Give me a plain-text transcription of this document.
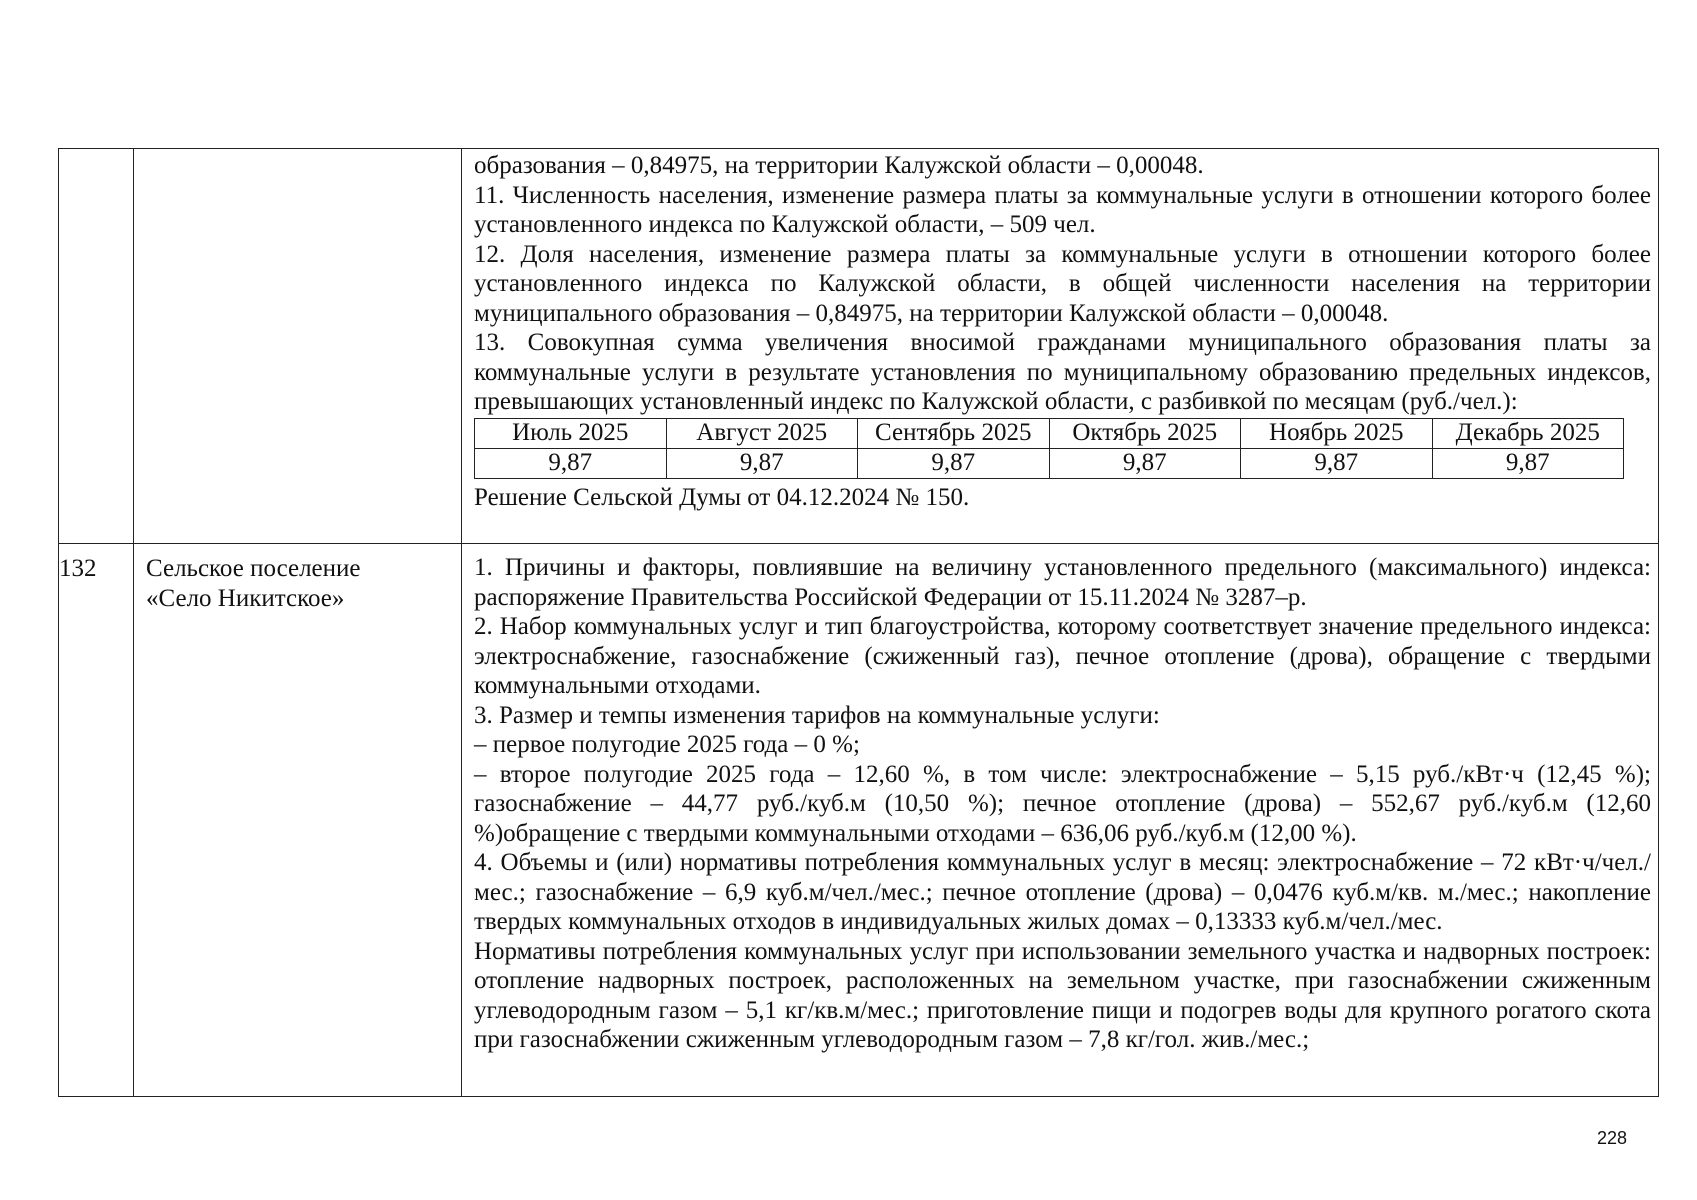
образования – 0,84975, на территории Калужской области – 0,00048.

11. Численность населения, изменение размера платы за коммунальные услуги в отношении которого более установленного индекса по Калужской области, – 509 чел.

12. Доля населения, изменение размера платы за коммунальные услуги в отношении которого более установленного индекса по Калужской области, в общей численности населения на территории муниципального образования – 0,84975, на территории Калужской области – 0,00048.

13. Совокупная сумма увеличения вносимой гражданами муниципального образования платы за коммунальные услуги в результате установления по муниципальному образованию предельных индексов, превышающих установленный индекс по Калужской области, с разбивкой по месяцам (руб./чел.):

Июль 2025	Август 2025	Сентябрь 2025	Октябрь 2025	Ноябрь 2025	Декабрь 2025
9,87	9,87	9,87	9,87	9,87	9,87

Решение Сельской Думы от 04.12.2024 № 150.

132	Сельское поселение
«Село Никитское»

1. Причины и факторы, повлиявшие на величину установленного предельного (максимального) индекса: распоряжение Правительства Российской Федерации от 15.11.2024 № 3287–р.

2. Набор коммунальных услуг и тип благоустройства, которому соответствует значение предельного индекса: электроснабжение, газоснабжение (сжиженный газ), печное отопление (дрова), обращение с твердыми коммунальными отходами.

3. Размер и темпы изменения тарифов на коммунальные услуги:

– первое полугодие 2025 года – 0 %;

– второе полугодие 2025 года – 12,60 %, в том числе: электроснабжение – 5,15 руб./кВт·ч (12,45 %); газоснабжение – 44,77 руб./куб.м (10,50 %); печное отопление (дрова) – 552,67 руб./куб.м (12,60 %)обращение с твердыми коммунальными отходами – 636,06 руб./куб.м (12,00 %).

4. Объемы и (или) нормативы потребления коммунальных услуг в месяц: электроснабжение – 72 кВт·ч/чел./мес.; газоснабжение – 6,9 куб.м/чел./мес.; печное отопление (дрова) – 0,0476 куб.м/кв. м./мес.; накопление твердых коммунальных отходов в индивидуальных жилых домах – 0,13333 куб.м/чел./мес.

Нормативы потребления коммунальных услуг при использовании земельного участка и надворных построек: отопление надворных построек, расположенных на земельном участке, при газоснабжении сжиженным углеводородным газом – 5,1 кг/кв.м/мес.; приготовление пищи и подогрев воды для крупного рогатого скота при газоснабжении сжиженным углеводородным газом – 7,8 кг/гол. жив./мес.;

228
